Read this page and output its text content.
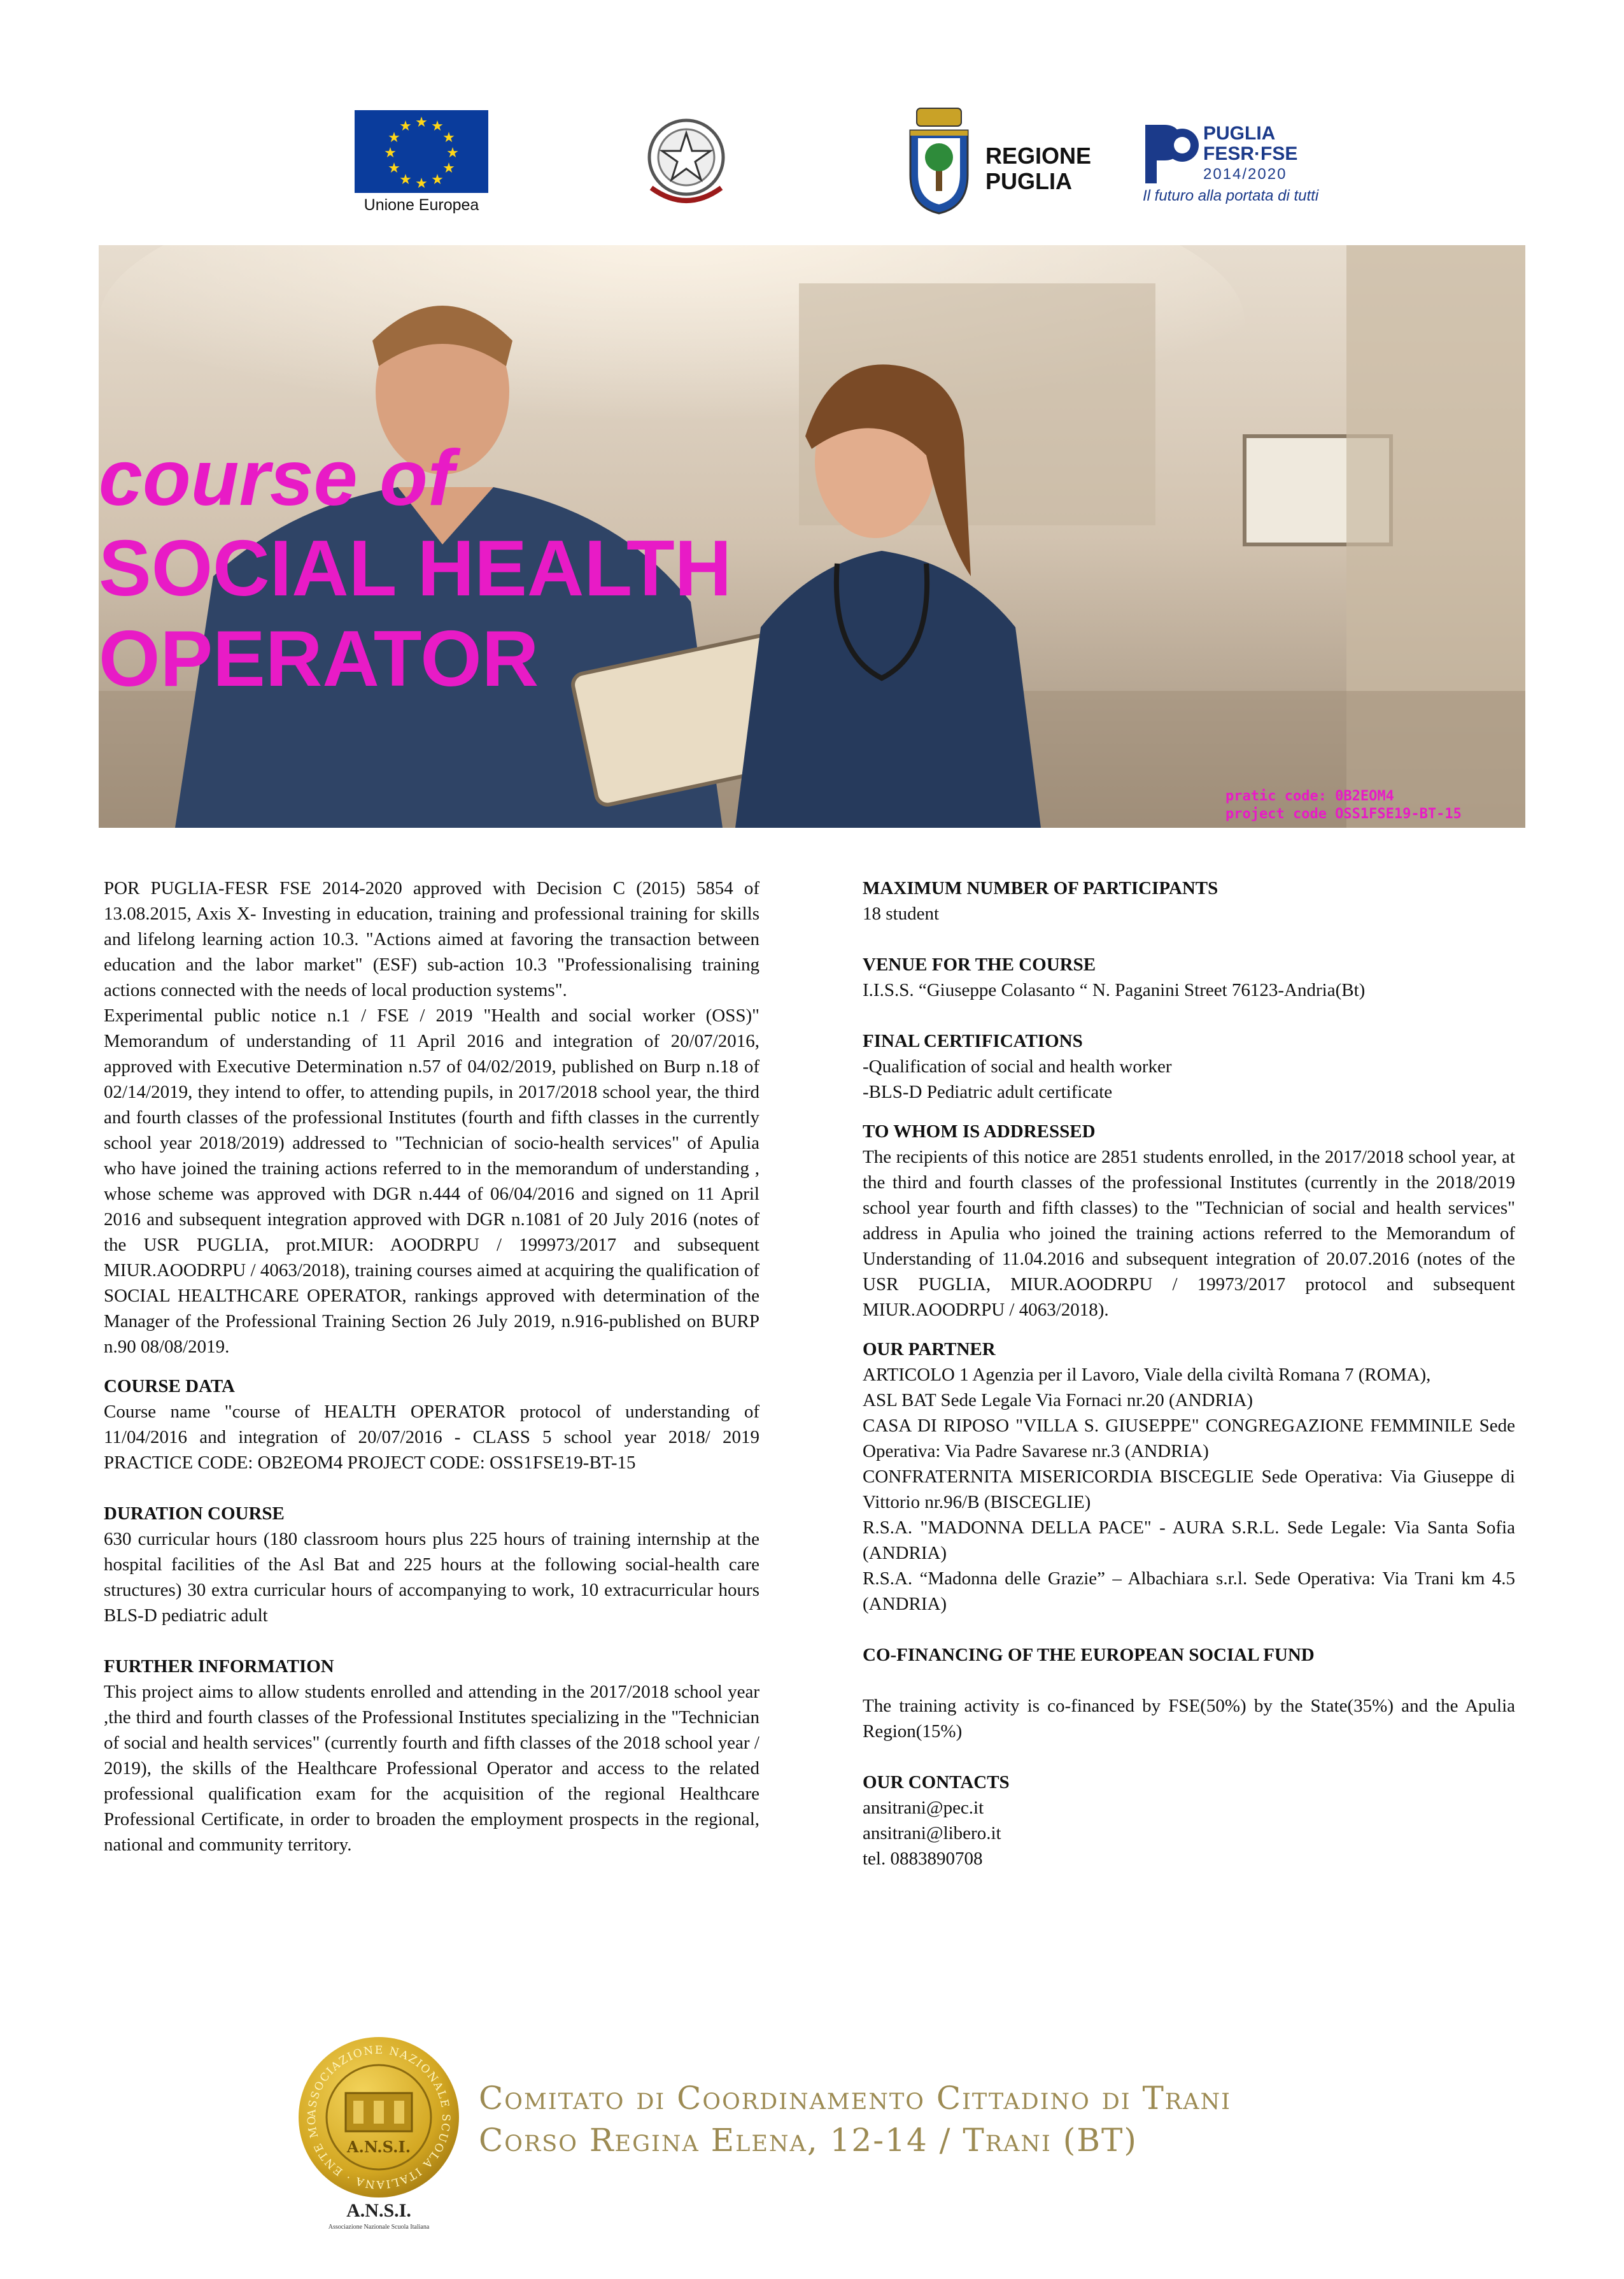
★ ★
★
★
★
★
★
★
★
★
★
★
Unione Europea
REGIONE
PUGLIA
PUGLIA
FESR·FSE
2014/2020
Il futuro alla portata di tutti
course of
SOCIAL HEALTH
OPERATOR
pratic code: 0B2EOM4
project code OSS1FSE19-BT-15

POR PUGLIA-FESR FSE 2014-2020 approved with Decision C (2015) 5854 of 13.08.2015, Axis X- Investing in education, training and professional training for skills and lifelong learning action 10.3. "Actions aimed at favoring the transaction between education and the labor market" (ESF) sub-action 10.3 "Professionalising training actions connected with the needs of local production systems".

Experimental public notice n.1 / FSE / 2019 "Health and social worker (OSS)" Memorandum of understanding of 11 April 2016 and integration of 20/07/2016, approved with Executive Determination n.57 of 04/02/2019, published on Burp n.18 of 02/14/2019, they intend to offer, to attending pupils, in 2017/2018 school year, the third and fourth classes of the professional Institutes (fourth and fifth classes in the currently school year 2018/2019) addressed to "Technician of socio-health services" of Apulia who have joined the training actions referred to in the memorandum of understanding , whose scheme was approved with DGR n.444 of 06/04/2016 and signed on 11 April 2016 and subsequent integration approved with DGR n.1081 of 20 July 2016 (notes of the USR PUGLIA, prot.MIUR: AOODRPU / 199973/2017 and subsequent MIUR.AOODRPU / 4063/2018), training courses aimed at acquiring the qualification of SOCIAL HEALTHCARE OPERATOR, rankings approved with determination of the Manager of the Professional Training Section 26 July 2019, n.916-published on BURP n.90 08/08/2019.

COURSE DATA

Course name "course of HEALTH OPERATOR protocol of understanding of 11/04/2016 and integration of 20/07/2016 - CLASS 5 school year 2018/ 2019 PRACTICE CODE: OB2EOM4 PROJECT CODE: OSS1FSE19-BT-15

DURATION COURSE

630 curricular hours (180 classroom hours plus 225 hours of training internship at the hospital facilities of the Asl Bat and 225 hours at the following social-health care structures) 30 extra curricular hours of accompanying to work, 10 extracurricular hours BLS-D pediatric adult

FURTHER INFORMATION

This project aims to allow students enrolled and attending in the 2017/2018 school year ,the third and fourth classes of the Professional Institutes specializing in the "Technician of social and health services" (currently fourth and fifth classes of the 2018 school year / 2019), the skills of the Healthcare Professional Operator and access to the related professional qualification exam for the acquisition of the regional Healthcare Professional Certificate, in order to broaden the employment prospects in the regional, national and community territory.

MAXIMUM NUMBER OF PARTICIPANTS

18 student

VENUE FOR THE COURSE

I.I.S.S. “Giuseppe Colasanto “ N. Paganini Street 76123-Andria(Bt)

FINAL CERTIFICATIONS

-Qualification of social and health worker

-BLS-D Pediatric adult certificate

TO WHOM IS ADDRESSED

The recipients of this notice are 2851 students enrolled, in the 2017/2018 school year, at the third and fourth classes of the professional Institutes (currently in the 2018/2019 school year fourth and fifth classes) to the "Technician of social and health services" address in Apulia who joined the training actions referred to the Memorandum of Understanding of 11.04.2016 and subsequent integration of 20.07.2016 (notes of the USR PUGLIA, MIUR.AOODRPU / 19973/2017 protocol and subsequent MIUR.AOODRPU / 4063/2018).

OUR PARTNER

ARTICOLO 1 Agenzia per il Lavoro, Viale della civiltà Romana 7 (ROMA),

ASL BAT Sede Legale Via Fornaci nr.20 (ANDRIA)

CASA DI RIPOSO "VILLA S. GIUSEPPE" CONGREGAZIONE FEMMINILE Sede Operativa: Via Padre Savarese nr.3 (ANDRIA)

CONFRATERNITA MISERICORDIA BISCEGLIE Sede Operativa: Via Giuseppe di Vittorio nr.96/B (BISCEGLIE)

R.S.A. "MADONNA DELLA PACE" - AURA S.R.L. Sede Legale: Via Santa Sofia (ANDRIA)

R.S.A. “Madonna delle Grazie” – Albachiara s.r.l. Sede Operativa: Via Trani km 4.5 (ANDRIA)

CO-FINANCING OF THE EUROPEAN SOCIAL FUND

The training activity is co-financed by FSE(50%) by the State(35%) and the Apulia Region(15%)

OUR CONTACTS

ansitrani@pec.it

ansitrani@libero.it

tel. 0883890708

ASSOCIAZIONE NAZIONALE SCUOLA ITALIANA · ENTE MO
A.N.S.I.
A.N.S.I.
Associazione Nazionale Scuola Italiana
Comitato di Coordinamento Cittadino di Trani
Corso Regina Elena, 12-14 / Trani (BT)
